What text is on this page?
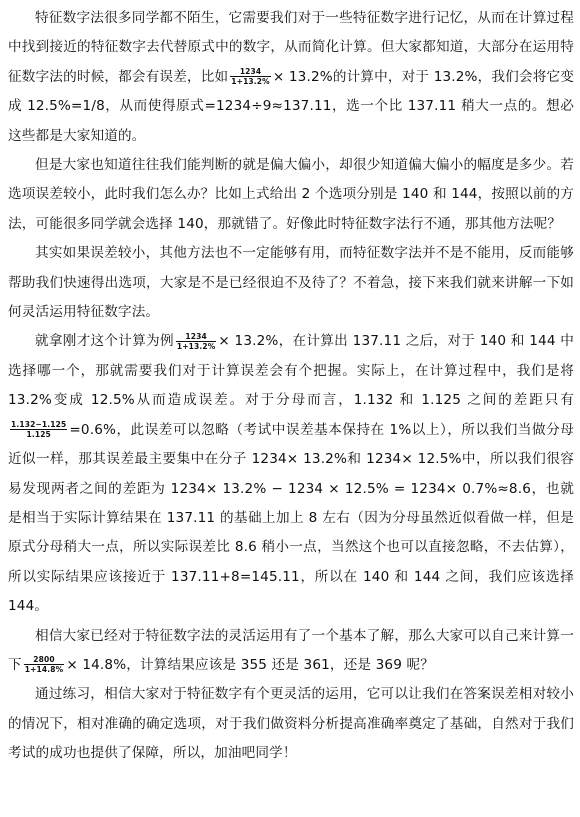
特征数字法很多同学都不陌生，它需要我们对于一些特征数字进行记忆，从而在计算过程中找到接近的特征数字去代替原式中的数字，从而简化计算。但大家都知道，大部分在运用特征数字法的时候，都会有误差，比如 $\frac{1234}{1+13.2\%} \times 13.2\%$的计算中，对于 13.2%，我们会将它变成 12.5%=1/8，从而使得原式=1234÷9≈137.11，选一个比 137.11 稍大一点的。想必这些都是大家知道的。

但是大家也知道往往我们能判断的就是偏大偏小，却很少知道偏大偏小的幅度是多少。若选项误差较小，此时我们怎么办？比如上式给出 2 个选项分别是 140 和 144，按照以前的方法，可能很多同学就会选择 140，那就错了。好像此时特征数字法行不通，那其他方法呢？

其实如果误差较小，其他方法也不一定能够有用，而特征数字法并不是不能用，反而能够帮助我们快速得出选项，大家是不是已经很迫不及待了？不着急，接下来我们就来讲解一下如何灵活运用特征数字法。

就拿刚才这个计算为例 $\frac{1234}{1+13.2\%} \times 13.2\%$，在计算出 137.11 之后，对于 140 和 144 中选择哪一个，那就需要我们对于计算误差会有个把握。实际上，在计算过程中，我们是将 13.2%变成 12.5%从而造成误差。对于分母而言，1.132 和 1.125 之间的差距只有
$\frac{1.132-1.125}{1.125} =0.6\%$，此误差可以忽略（考试中误差基本保持在 1%以上），所以我们当做分母近似一样，那其误差最主要集中在分子 1234× 13.2%和 1234× 12.5%中，所以我们很容易发现两者之间的差距为 1234× 13.2% − 1234 × 12.5% = 1234× 0.7%≈8.6，也就是相当于实际计算结果在 137.11 的基础上加上 8 左右（因为分母虽然近似看做一样，但是原式分母稍大一点，所以实际误差比 8.6 稍小一点，当然这个也可以直接忽略，不去估算），所以实际结果应该接近于 137.11+8=145.11，所以在 140 和 144 之间，我们应该选择 144。

相信大家已经对于特征数字法的灵活运用有了一个基本了解，那么大家可以自己来计算一下 $\frac{2800}{1+14.8\%} \times 14.8\%$，计算结果应该是 355 还是 361，还是 369 呢？

通过练习，相信大家对于特征数字有个更灵活的运用，它可以让我们在答案误差相对较小的情况下，相对准确的确定选项，对于我们做资料分析提高准确率奠定了基础，自然对于我们考试的成功也提供了保障，所以，加油吧同学！
